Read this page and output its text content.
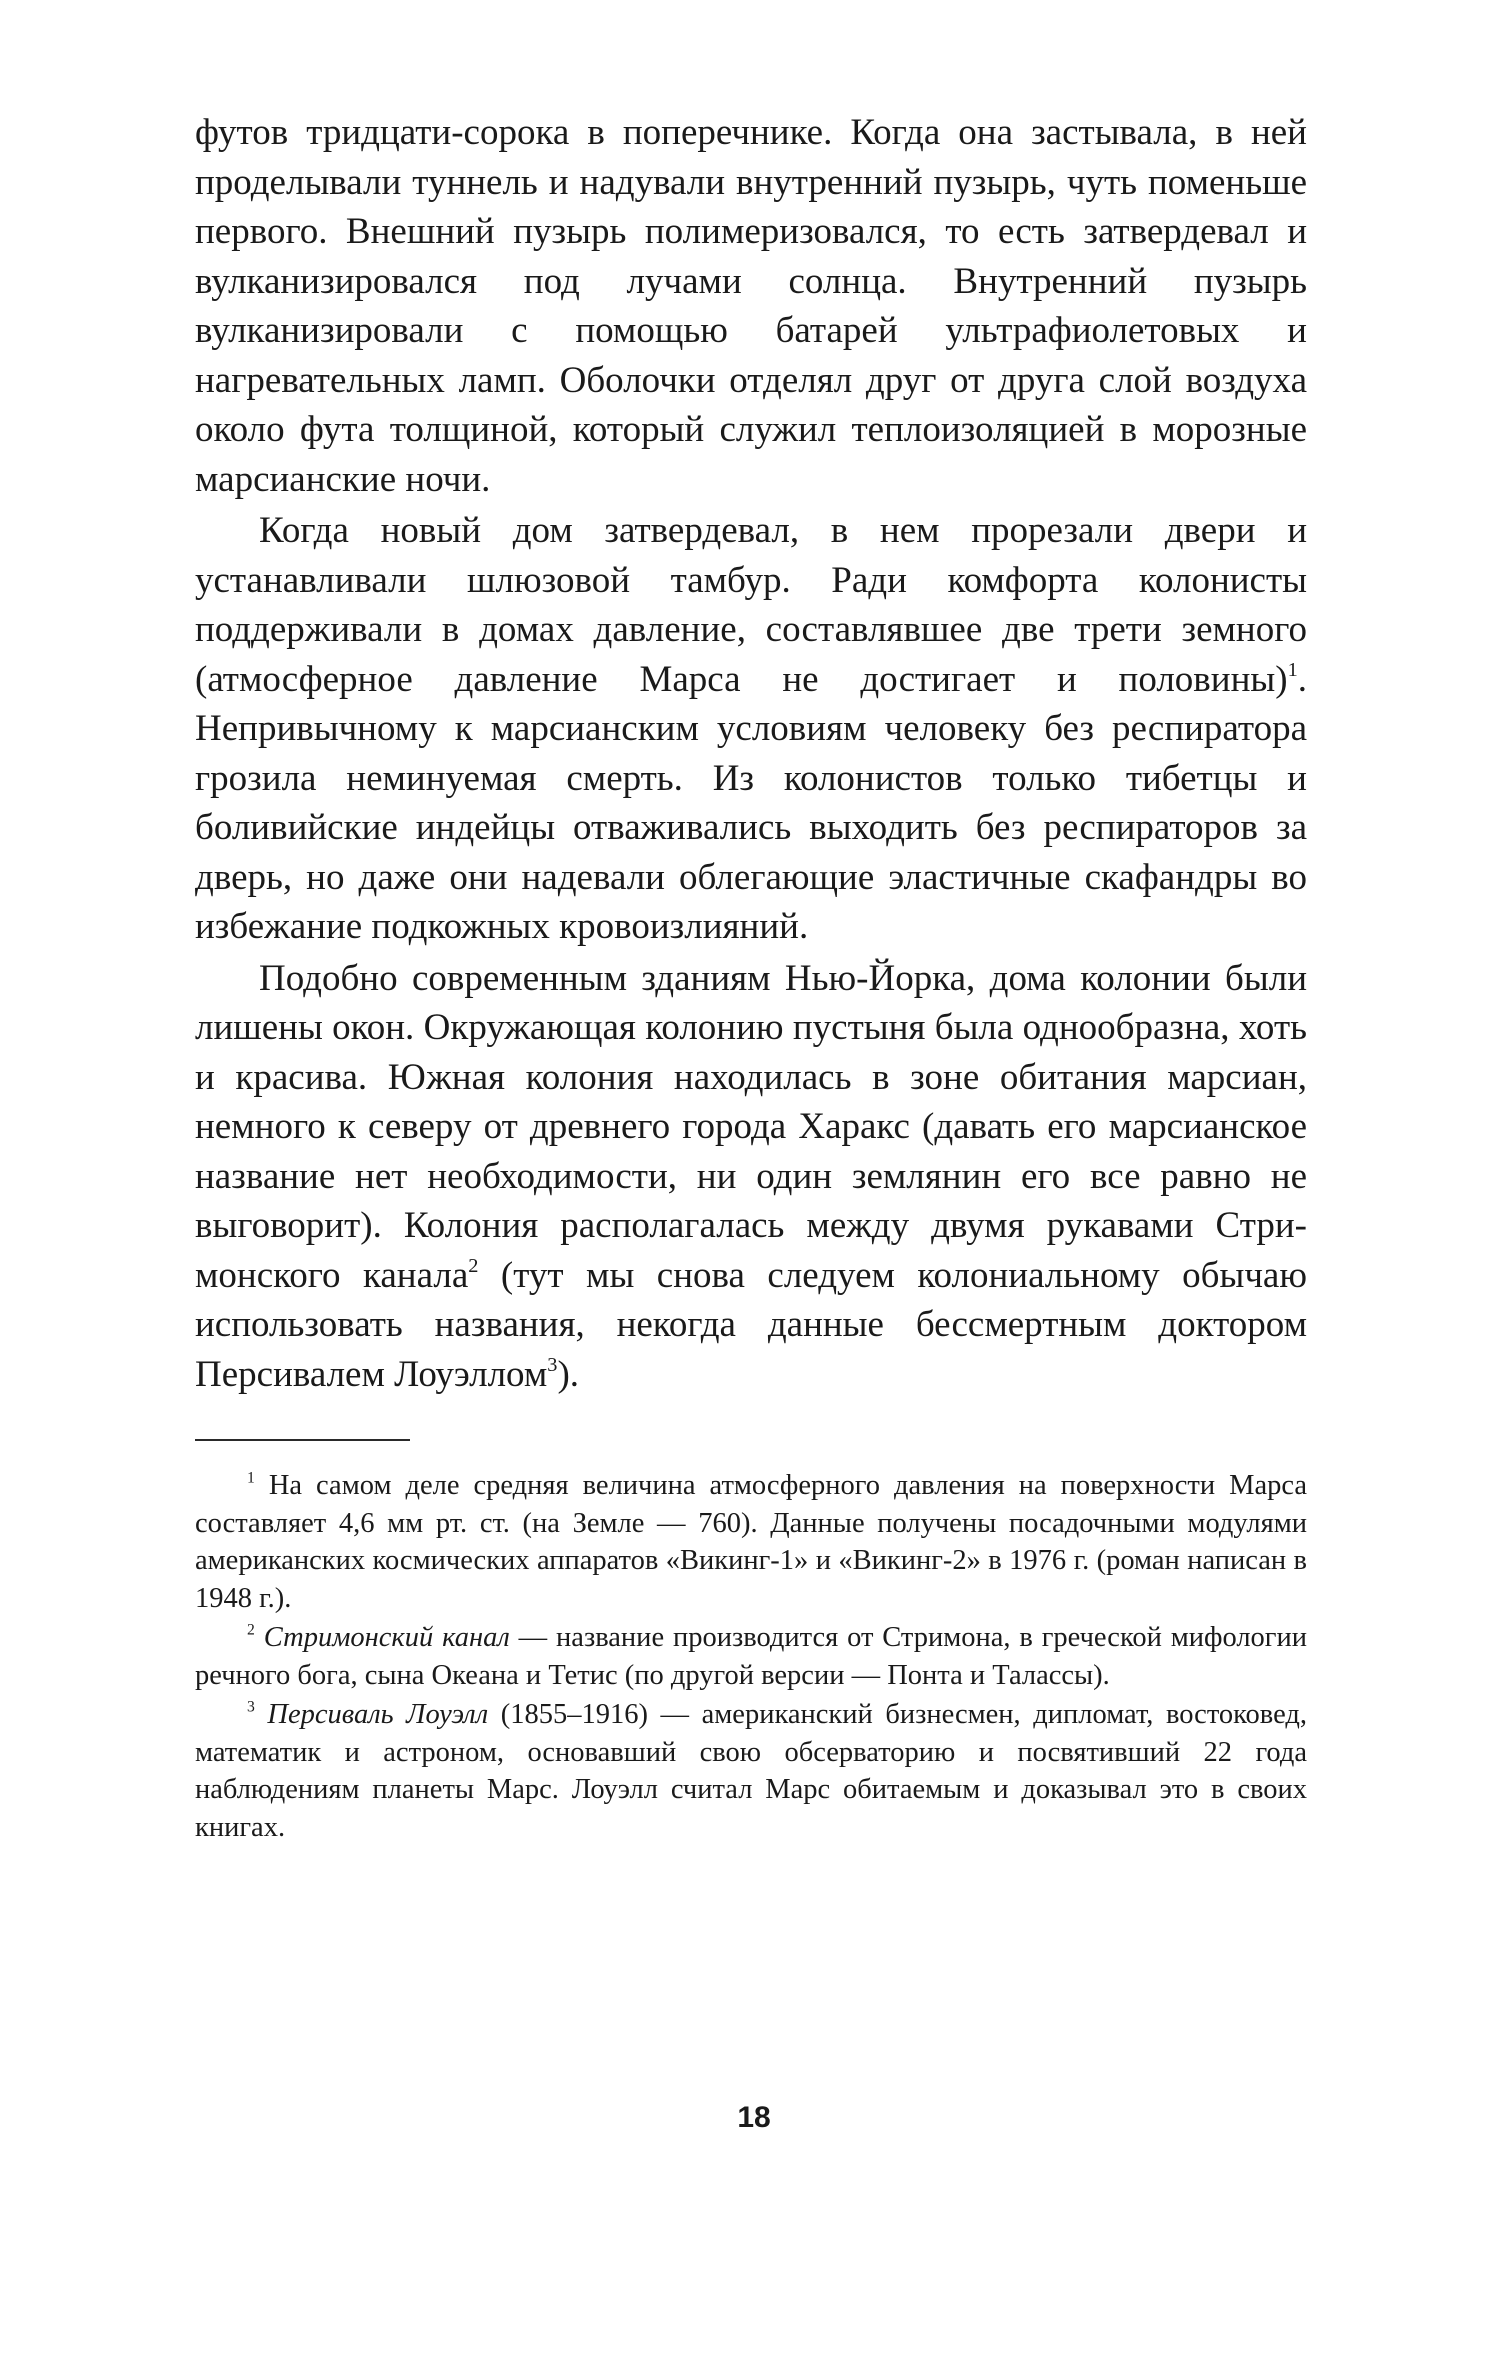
футов тридцати-сорока в поперечнике. Когда она застывала, в ней проделывали туннель и надували внутренний пузырь, чуть поменьше первого. Внешний пузырь полимеризовался, то есть затвердевал и вулканизировался под лучами солнца. Внутренний пузырь вулканизировали с помощью батарей ультрафиолетовых и нагревательных ламп. Оболочки отделял друг от друга слой воздуха около фута толщиной, который служил теплоизоляцией в морозные марсианские ночи.

Когда новый дом затвердевал, в нем прорезали двери и устанавливали шлюзовой тамбур. Ради комфорта колонисты поддерживали в домах давление, составлявшее две трети земного (атмосферное давление Марса не достигает и половины)$^1$. Непривычному к марсианским условиям человеку без респиратора грозила неминуемая смерть. Из колонистов только тибетцы и боливийские индейцы отваживались выходить без респираторов за дверь, но даже они надевали облегающие эластичные скафандры во избежание подкожных кровоизлияний.

Подобно современным зданиям Нью-Йорка, дома колонии были лишены окон. Окружающая колонию пустыня была однообразна, хоть и красива. Южная колония находилась в зоне обитания марсиан, немного к северу от древнего города Харакс (давать его марсианское название нет необходимости, ни один землянин его все равно не выговорит). Колония располагалась между двумя рукавами Стримонского канала$^2$ (тут мы снова следуем колониальному обычаю использовать названия, некогда данные бессмертным доктором Персивалем Лоуэллом$^3$).

$^1$ На самом деле средняя величина атмосферного давления на поверхности Марса составляет 4,6 мм рт. ст. (на Земле — 760). Данные получены посадочными модулями американских космических аппаратов «Викинг-1» и «Викинг-2» в 1976 г. (роман написан в 1948 г.).

$^2$ Стримонский канал — название производится от Стримона, в греческой мифологии речного бога, сына Океана и Тетис (по другой версии — Понта и Талассы).

$^3$ Персиваль Лоуэлл (1855–1916) — американский бизнесмен, дипломат, востоковед, математик и астроном, основавший свою обсерваторию и посвятивший 22 года наблюдениям планеты Марс. Лоуэлл считал Марс обитаемым и доказывал это в своих книгах.

18
